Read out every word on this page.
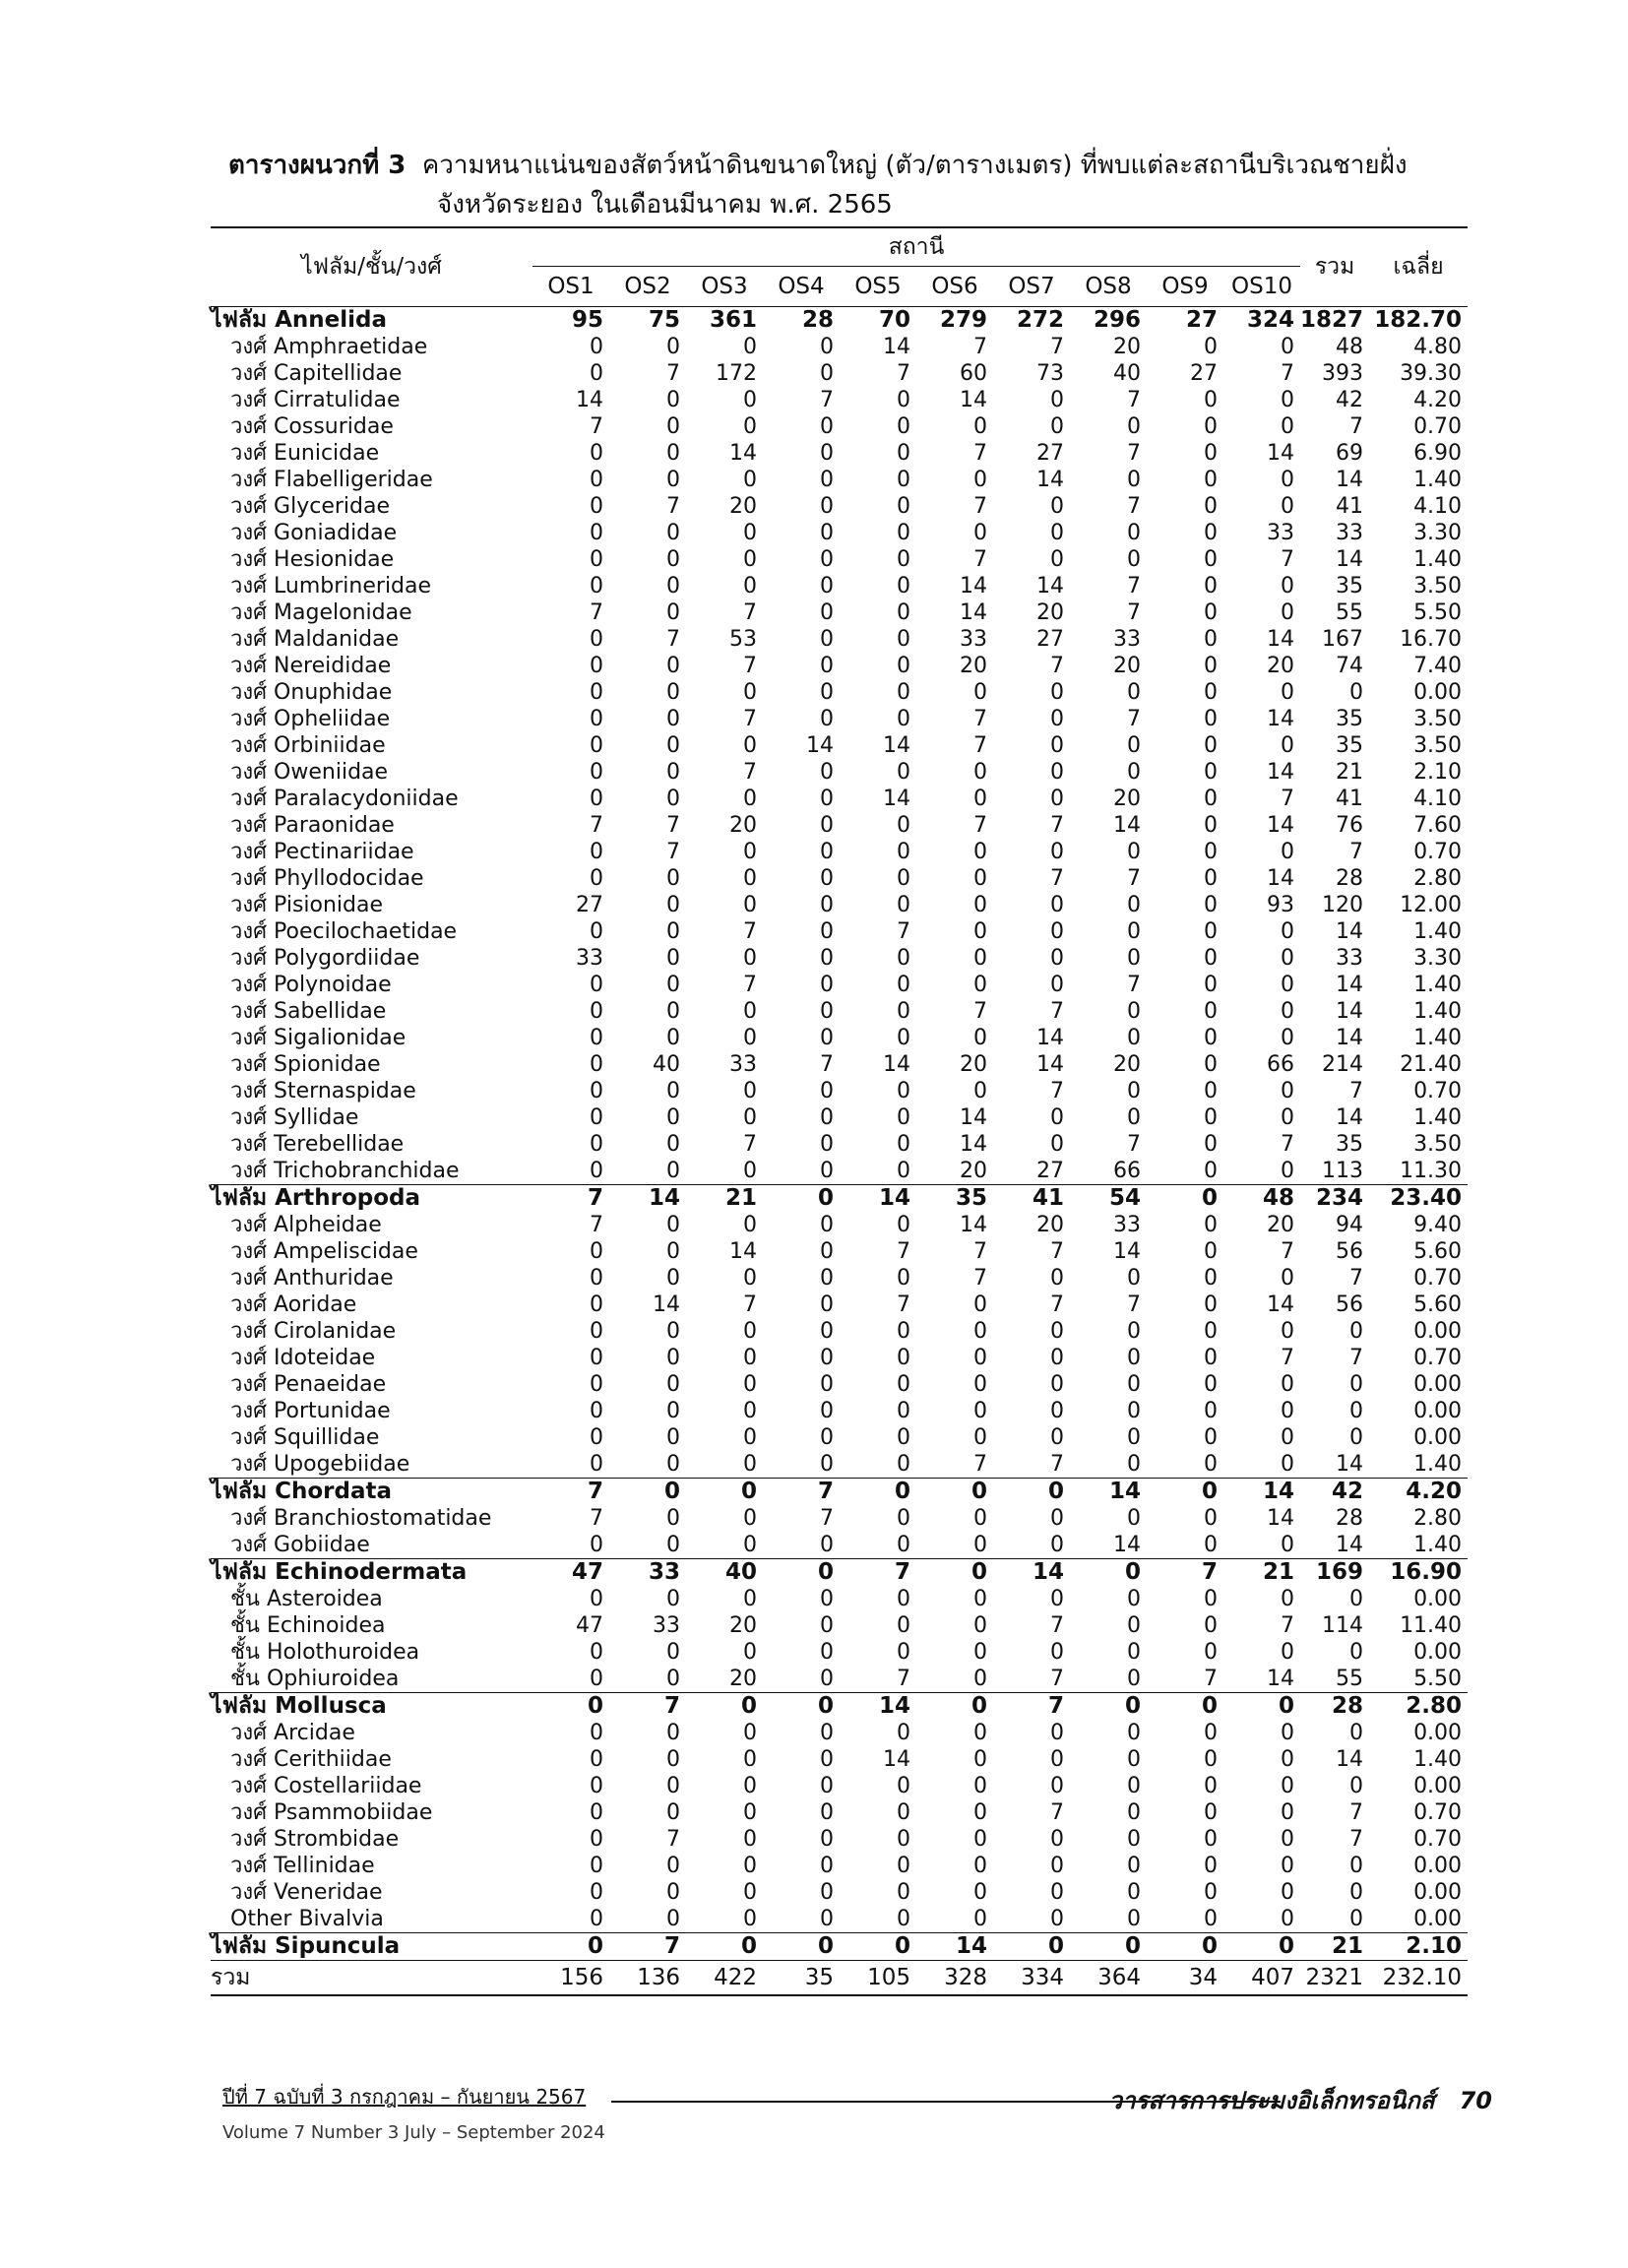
ตารางผนวกที่ 3 ความหนาแน่นของสัตว์หน้าดินขนาดใหญ่ (ตัว/ตารางเมตร) ที่พบแต่ละสถานีบริเวณชายฝั่ง
จังหวัดระยอง ในเดือนมีนาคม พ.ศ. 2565
ไฟลัม/ชั้น/วงศ์	สถานี										รวม	เฉลี่ย
	OS1	OS2	OS3	OS4	OS5	OS6	OS7	OS8	OS9	OS10		
ไฟลัม Annelida	95	75	361	28	70	279	272	296	27	324	1827	182.70
วงศ์ Amphraetidae	0	0	0	0	14	7	7	20	0	0	48	4.80
วงศ์ Capitellidae	0	7	172	0	7	60	73	40	27	7	393	39.30
วงศ์ Cirratulidae	14	0	0	7	0	14	0	7	0	0	42	4.20
วงศ์ Cossuridae	7	0	0	0	0	0	0	0	0	0	7	0.70
วงศ์ Eunicidae	0	0	14	0	0	7	27	7	0	14	69	6.90
วงศ์ Flabelligeridae	0	0	0	0	0	0	14	0	0	0	14	1.40
วงศ์ Glyceridae	0	7	20	0	0	7	0	7	0	0	41	4.10
วงศ์ Goniadidae	0	0	0	0	0	0	0	0	0	33	33	3.30
วงศ์ Hesionidae	0	0	0	0	0	7	0	0	0	7	14	1.40
วงศ์ Lumbrineridae	0	0	0	0	0	14	14	7	0	0	35	3.50
วงศ์ Magelonidae	7	0	7	0	0	14	20	7	0	0	55	5.50
วงศ์ Maldanidae	0	7	53	0	0	33	27	33	0	14	167	16.70
วงศ์ Nereididae	0	0	7	0	0	20	7	20	0	20	74	7.40
วงศ์ Onuphidae	0	0	0	0	0	0	0	0	0	0	0	0.00
วงศ์ Opheliidae	0	0	7	0	0	7	0	7	0	14	35	3.50
วงศ์ Orbiniidae	0	0	0	14	14	7	0	0	0	0	35	3.50
วงศ์ Oweniidae	0	0	7	0	0	0	0	0	0	14	21	2.10
วงศ์ Paralacydoniidae	0	0	0	0	14	0	0	20	0	7	41	4.10
วงศ์ Paraonidae	7	7	20	0	0	7	7	14	0	14	76	7.60
วงศ์ Pectinariidae	0	7	0	0	0	0	0	0	0	0	7	0.70
วงศ์ Phyllodocidae	0	0	0	0	0	0	7	7	0	14	28	2.80
วงศ์ Pisionidae	27	0	0	0	0	0	0	0	0	93	120	12.00
วงศ์ Poecilochaetidae	0	0	7	0	7	0	0	0	0	0	14	1.40
วงศ์ Polygordiidae	33	0	0	0	0	0	0	0	0	0	33	3.30
วงศ์ Polynoidae	0	0	7	0	0	0	0	7	0	0	14	1.40
วงศ์ Sabellidae	0	0	0	0	0	7	7	0	0	0	14	1.40
วงศ์ Sigalionidae	0	0	0	0	0	0	14	0	0	0	14	1.40
วงศ์ Spionidae	0	40	33	7	14	20	14	20	0	66	214	21.40
วงศ์ Sternaspidae	0	0	0	0	0	0	7	0	0	0	7	0.70
วงศ์ Syllidae	0	0	0	0	0	14	0	0	0	0	14	1.40
วงศ์ Terebellidae	0	0	7	0	0	14	0	7	0	7	35	3.50
วงศ์ Trichobranchidae	0	0	0	0	0	20	27	66	0	0	113	11.30
ไฟลัม Arthropoda	7	14	21	0	14	35	41	54	0	48	234	23.40
วงศ์ Alpheidae	7	0	0	0	0	14	20	33	0	20	94	9.40
วงศ์ Ampeliscidae	0	0	14	0	7	7	7	14	0	7	56	5.60
วงศ์ Anthuridae	0	0	0	0	0	7	0	0	0	0	7	0.70
วงศ์ Aoridae	0	14	7	0	7	0	7	7	0	14	56	5.60
วงศ์ Cirolanidae	0	0	0	0	0	0	0	0	0	0	0	0.00
วงศ์ Idoteidae	0	0	0	0	0	0	0	0	0	7	7	0.70
วงศ์ Penaeidae	0	0	0	0	0	0	0	0	0	0	0	0.00
วงศ์ Portunidae	0	0	0	0	0	0	0	0	0	0	0	0.00
วงศ์ Squillidae	0	0	0	0	0	0	0	0	0	0	0	0.00
วงศ์ Upogebiidae	0	0	0	0	0	7	7	0	0	0	14	1.40
ไฟลัม Chordata	7	0	0	7	0	0	0	14	0	14	42	4.20
วงศ์ Branchiostomatidae	7	0	0	7	0	0	0	0	0	14	28	2.80
วงศ์ Gobiidae	0	0	0	0	0	0	0	14	0	0	14	1.40
ไฟลัม Echinodermata	47	33	40	0	7	0	14	0	7	21	169	16.90
ชั้น Asteroidea	0	0	0	0	0	0	0	0	0	0	0	0.00
ชั้น Echinoidea	47	33	20	0	0	0	7	0	0	7	114	11.40
ชั้น Holothuroidea	0	0	0	0	0	0	0	0	0	0	0	0.00
ชั้น Ophiuroidea	0	0	20	0	7	0	7	0	7	14	55	5.50
ไฟลัม Mollusca	0	7	0	0	14	0	7	0	0	0	28	2.80
วงศ์ Arcidae	0	0	0	0	0	0	0	0	0	0	0	0.00
วงศ์ Cerithiidae	0	0	0	0	14	0	0	0	0	0	14	1.40
วงศ์ Costellariidae	0	0	0	0	0	0	0	0	0	0	0	0.00
วงศ์ Psammobiidae	0	0	0	0	0	0	7	0	0	0	7	0.70
วงศ์ Strombidae	0	7	0	0	0	0	0	0	0	0	7	0.70
วงศ์ Tellinidae	0	0	0	0	0	0	0	0	0	0	0	0.00
วงศ์ Veneridae	0	0	0	0	0	0	0	0	0	0	0	0.00
Other Bivalvia	0	0	0	0	0	0	0	0	0	0	0	0.00
ไฟลัม Sipuncula	0	7	0	0	0	14	0	0	0	0	21	2.10
รวม	156	136	422	35	105	328	334	364	34	407	2321	232.10
ปีที่ 7 ฉบับที่ 3 กรกฎาคม – กันยายน 2567
Volume 7 Number 3 July – September 2024
วารสารการประมงอิเล็กทรอนิกส์ 70
